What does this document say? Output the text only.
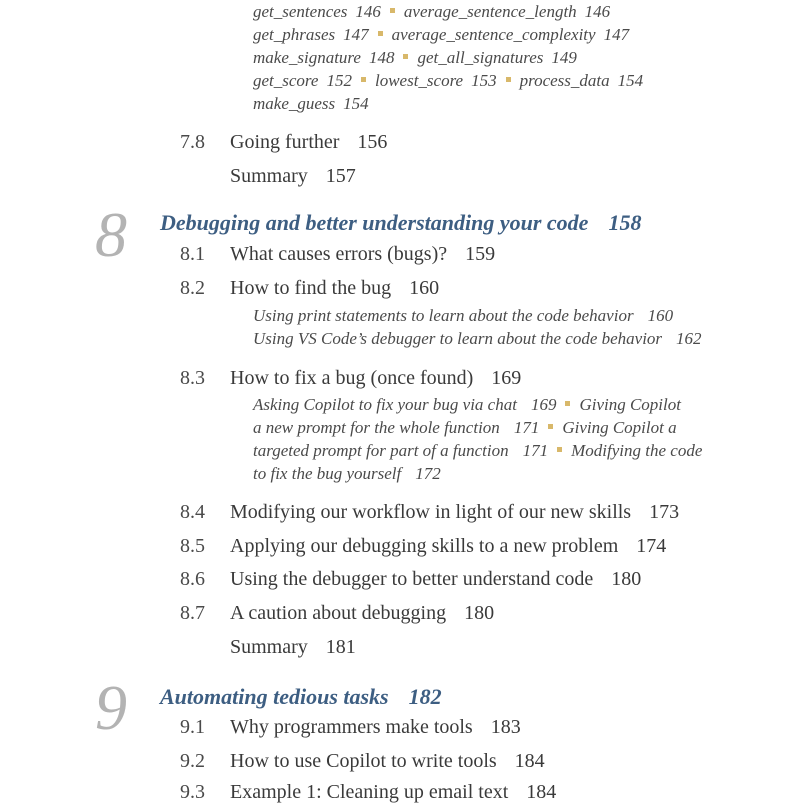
get_sentences 146 average_sentence_length 146
get_phrases 147 average_sentence_complexity 147
make_signature 148 get_all_signatures 149
get_score 152 lowest_score 153 process_data 154
make_guess 154
7.8 Going further 156
Summary 157
8 Debugging and better understanding your code 158
8.1 What causes errors (bugs)? 159
8.2 How to find the bug 160
Using print statements to learn about the code behavior 160
Using VS Code’s debugger to learn about the code behavior 162
8.3 How to fix a bug (once found) 169
Asking Copilot to fix your bug via chat 169 Giving Copilot
a new prompt for the whole function 171 Giving Copilot a
targeted prompt for part of a function 171 Modifying the code
to fix the bug yourself 172
8.4 Modifying our workflow in light of our new skills 173
8.5 Applying our debugging skills to a new problem 174
8.6 Using the debugger to better understand code 180
8.7 A caution about debugging 180
Summary 181
9 Automating tedious tasks 182
9.1 Why programmers make tools 183
9.2 How to use Copilot to write tools 184
9.3 Example 1: Cleaning up email text 184
